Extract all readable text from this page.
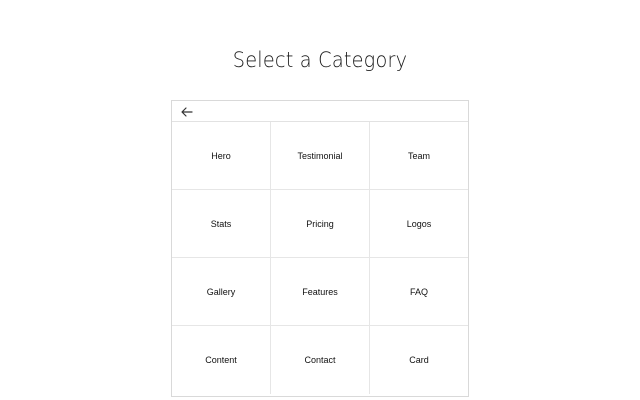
Select a Category
Hero	Testimonial	Team
Stats	Pricing	Logos
Gallery	Features	FAQ
Content	Contact	Card
